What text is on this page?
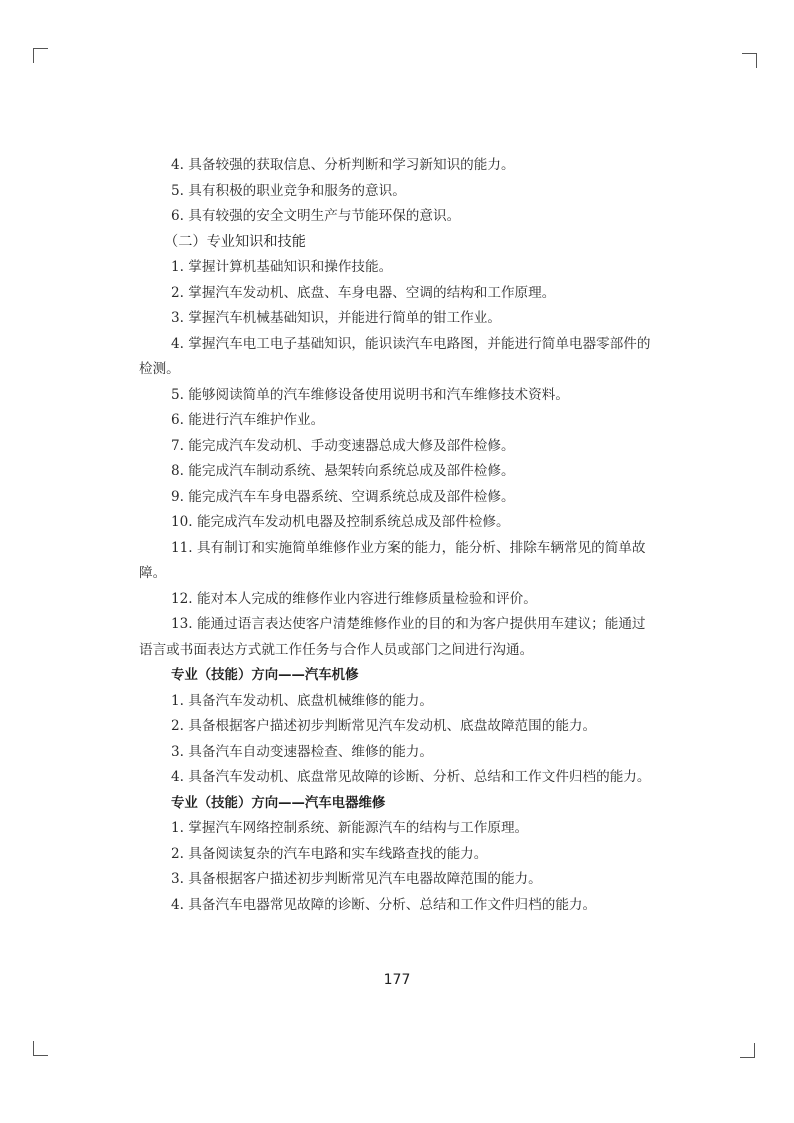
4. 具备较强的获取信息、分析判断和学习新知识的能力。

5. 具有积极的职业竞争和服务的意识。

6. 具有较强的安全文明生产与节能环保的意识。

（二）专业知识和技能

1. 掌握计算机基础知识和操作技能。

2. 掌握汽车发动机、底盘、车身电器、空调的结构和工作原理。

3. 掌握汽车机械基础知识，并能进行简单的钳工作业。

4. 掌握汽车电工电子基础知识，能识读汽车电路图，并能进行简单电器零部件的检测。

5. 能够阅读简单的汽车维修设备使用说明书和汽车维修技术资料。

6. 能进行汽车维护作业。

7. 能完成汽车发动机、手动变速器总成大修及部件检修。

8. 能完成汽车制动系统、悬架转向系统总成及部件检修。

9. 能完成汽车车身电器系统、空调系统总成及部件检修。

10. 能完成汽车发动机电器及控制系统总成及部件检修。

11. 具有制订和实施简单维修作业方案的能力，能分析、排除车辆常见的简单故障。

12. 能对本人完成的维修作业内容进行维修质量检验和评价。

13. 能通过语言表达使客户清楚维修作业的目的和为客户提供用车建议；能通过语言或书面表达方式就工作任务与合作人员或部门之间进行沟通。

专业（技能）方向——汽车机修

1. 具备汽车发动机、底盘机械维修的能力。

2. 具备根据客户描述初步判断常见汽车发动机、底盘故障范围的能力。

3. 具备汽车自动变速器检查、维修的能力。

4. 具备汽车发动机、底盘常见故障的诊断、分析、总结和工作文件归档的能力。

专业（技能）方向——汽车电器维修

1. 掌握汽车网络控制系统、新能源汽车的结构与工作原理。

2. 具备阅读复杂的汽车电路和实车线路查找的能力。

3. 具备根据客户描述初步判断常见汽车电器故障范围的能力。

4. 具备汽车电器常见故障的诊断、分析、总结和工作文件归档的能力。

177
